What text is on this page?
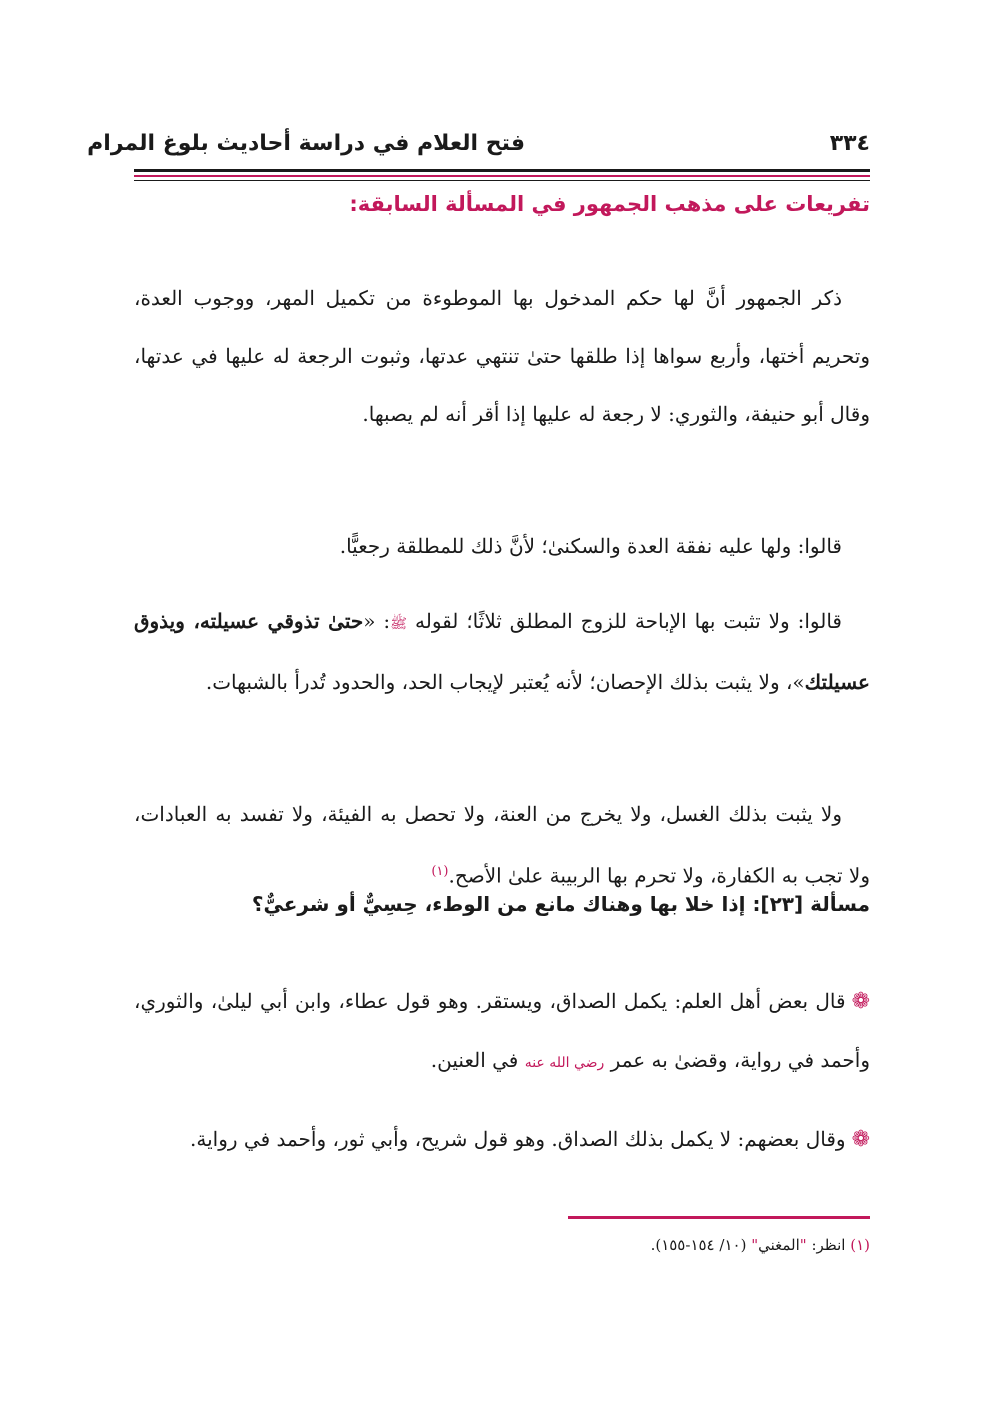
٣٣٤
فتح العلام في دراسة أحاديث بلوغ المرام
تفريعات على مذهب الجمهور في المسألة السابقة:

ذكر الجمهور أنَّ لها حكم المدخول بها الموطوءة من تكميل المهر، ووجوب العدة، وتحريم أختها، وأربع سواها إذا طلقها حتىٰ تنتهي عدتها، وثبوت الرجعة له عليها في عدتها، وقال أبو حنيفة، والثوري: لا رجعة له عليها إذا أقر أنه لم يصبها.

قالوا: ولها عليه نفقة العدة والسكنىٰ؛ لأنَّ ذلك للمطلقة رجعيًّا.

قالوا: ولا تثبت بها الإباحة للزوج المطلق ثلاثًا؛ لقوله ﷺ: «حتىٰ تذوقي عسيلته، ويذوق عسيلتك»، ولا يثبت بذلك الإحصان؛ لأنه يُعتبر لإيجاب الحد، والحدود تُدرأ بالشبهات.

ولا يثبت بذلك الغسل، ولا يخرج من العنة، ولا تحصل به الفيئة، ولا تفسد به العبادات، ولا تجب به الكفارة، ولا تحرم بها الربيبة علىٰ الأصح.$^{(١)}$

مسألة [٢٣]: إذا خلا بها وهناك مانع من الوطء، حِسِيٌّ أو شرعيٌّ؟

❁قال بعض أهل العلم: يكمل الصداق، ويستقر. وهو قول عطاء، وابن أبي ليلىٰ، والثوري، وأحمد في رواية، وقضىٰ به عمر رضي الله عنه في العنين.

❁وقال بعضهم: لا يكمل بذلك الصداق. وهو قول شريح، وأبي ثور، وأحمد في رواية.

(١) انظر: "المغني" (١٠/ ١٥٤-١٥٥).
